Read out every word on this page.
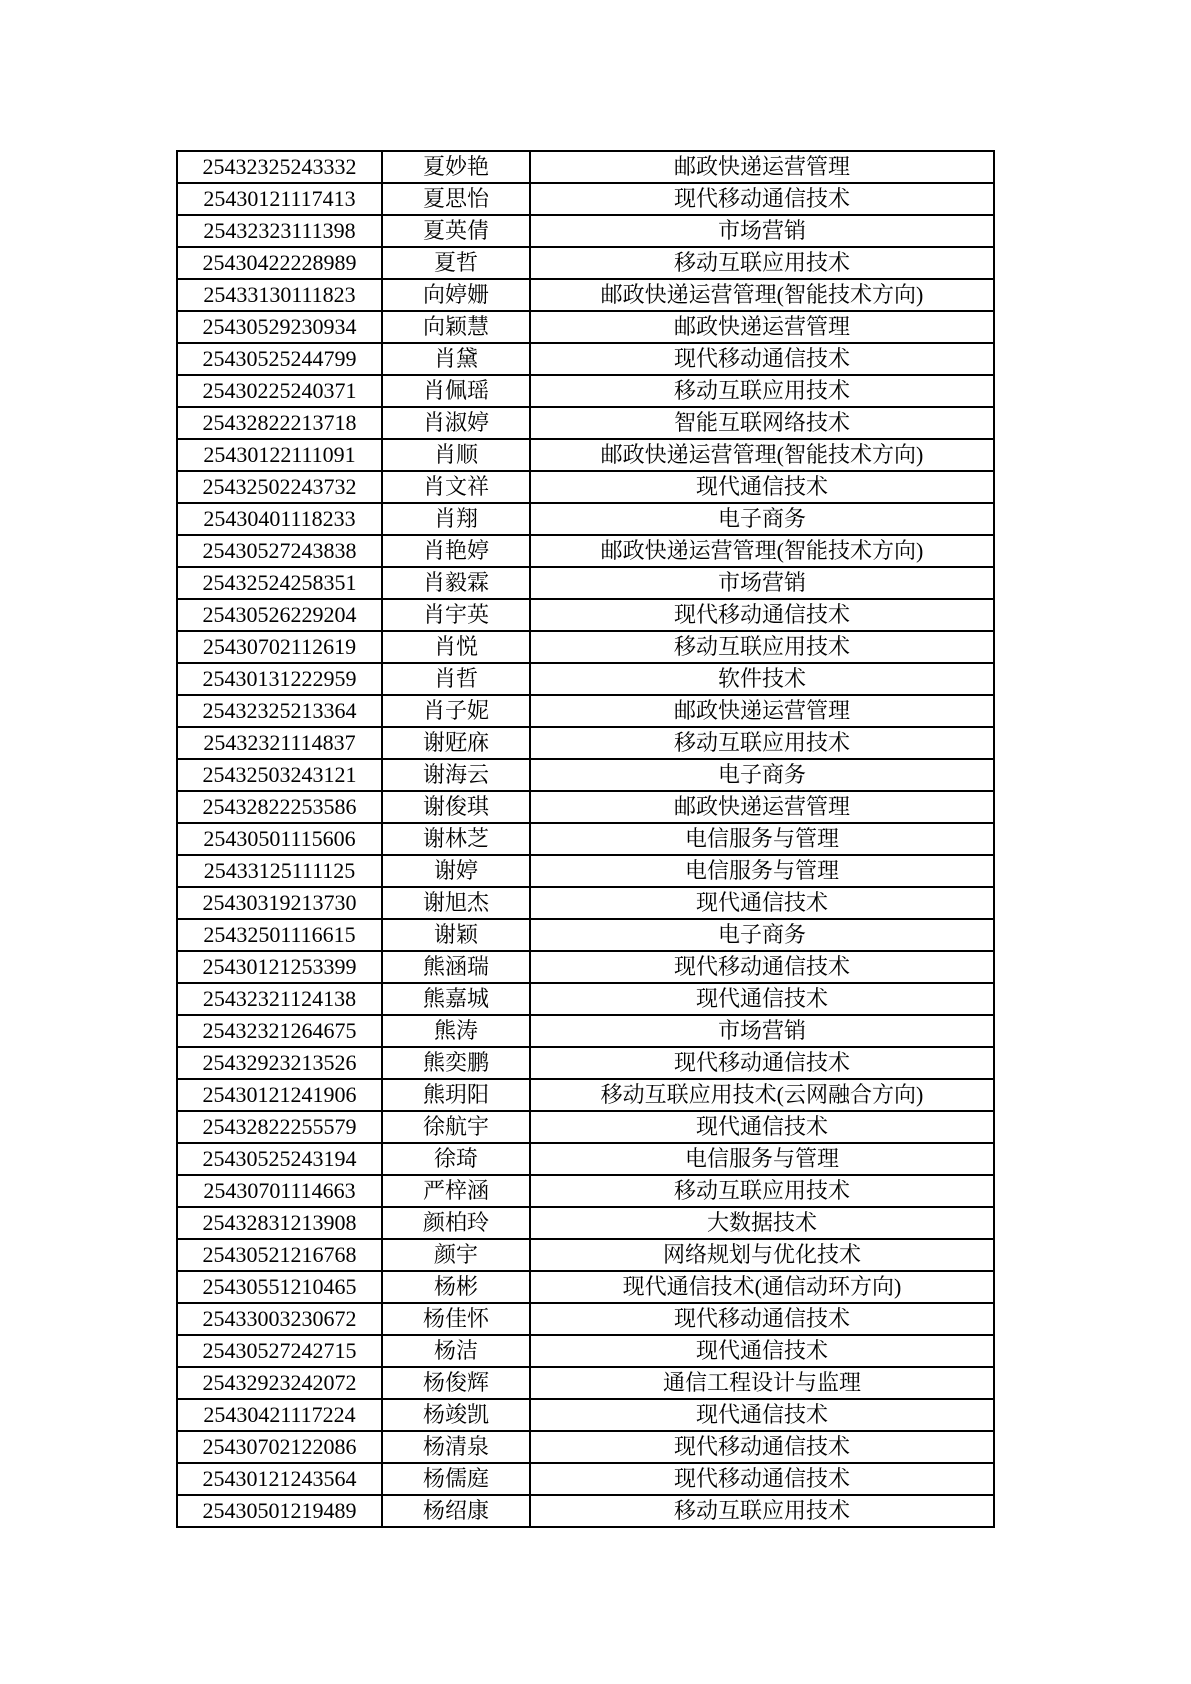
25432325243332	夏妙艳	邮政快递运营管理
25430121117413	夏思怡	现代移动通信技术
25432323111398	夏英倩	市场营销
25430422228989	夏哲	移动互联应用技术
25433130111823	向婷姗	邮政快递运营管理(智能技术方向)
25430529230934	向颖慧	邮政快递运营管理
25430525244799	肖黛	现代移动通信技术
25430225240371	肖佩瑶	移动互联应用技术
25432822213718	肖淑婷	智能互联网络技术
25430122111091	肖顺	邮政快递运营管理(智能技术方向)
25432502243732	肖文祥	现代通信技术
25430401118233	肖翔	电子商务
25430527243838	肖艳婷	邮政快递运营管理(智能技术方向)
25432524258351	肖毅霖	市场营销
25430526229204	肖宇英	现代移动通信技术
25430702112619	肖悦	移动互联应用技术
25430131222959	肖哲	软件技术
25432325213364	肖子妮	邮政快递运营管理
25432321114837	谢觃庥	移动互联应用技术
25432503243121	谢海云	电子商务
25432822253586	谢俊琪	邮政快递运营管理
25430501115606	谢林芝	电信服务与管理
25433125111125	谢婷	电信服务与管理
25430319213730	谢旭杰	现代通信技术
25432501116615	谢颖	电子商务
25430121253399	熊涵瑞	现代移动通信技术
25432321124138	熊嘉城	现代通信技术
25432321264675	熊涛	市场营销
25432923213526	熊奕鹏	现代移动通信技术
25430121241906	熊玥阳	移动互联应用技术(云网融合方向)
25432822255579	徐航宇	现代通信技术
25430525243194	徐琦	电信服务与管理
25430701114663	严梓涵	移动互联应用技术
25432831213908	颜柏玲	大数据技术
25430521216768	颜宇	网络规划与优化技术
25430551210465	杨彬	现代通信技术(通信动环方向)
25433003230672	杨佳怀	现代移动通信技术
25430527242715	杨洁	现代通信技术
25432923242072	杨俊辉	通信工程设计与监理
25430421117224	杨竣凯	现代通信技术
25430702122086	杨清泉	现代移动通信技术
25430121243564	杨儒庭	现代移动通信技术
25430501219489	杨绍康	移动互联应用技术
